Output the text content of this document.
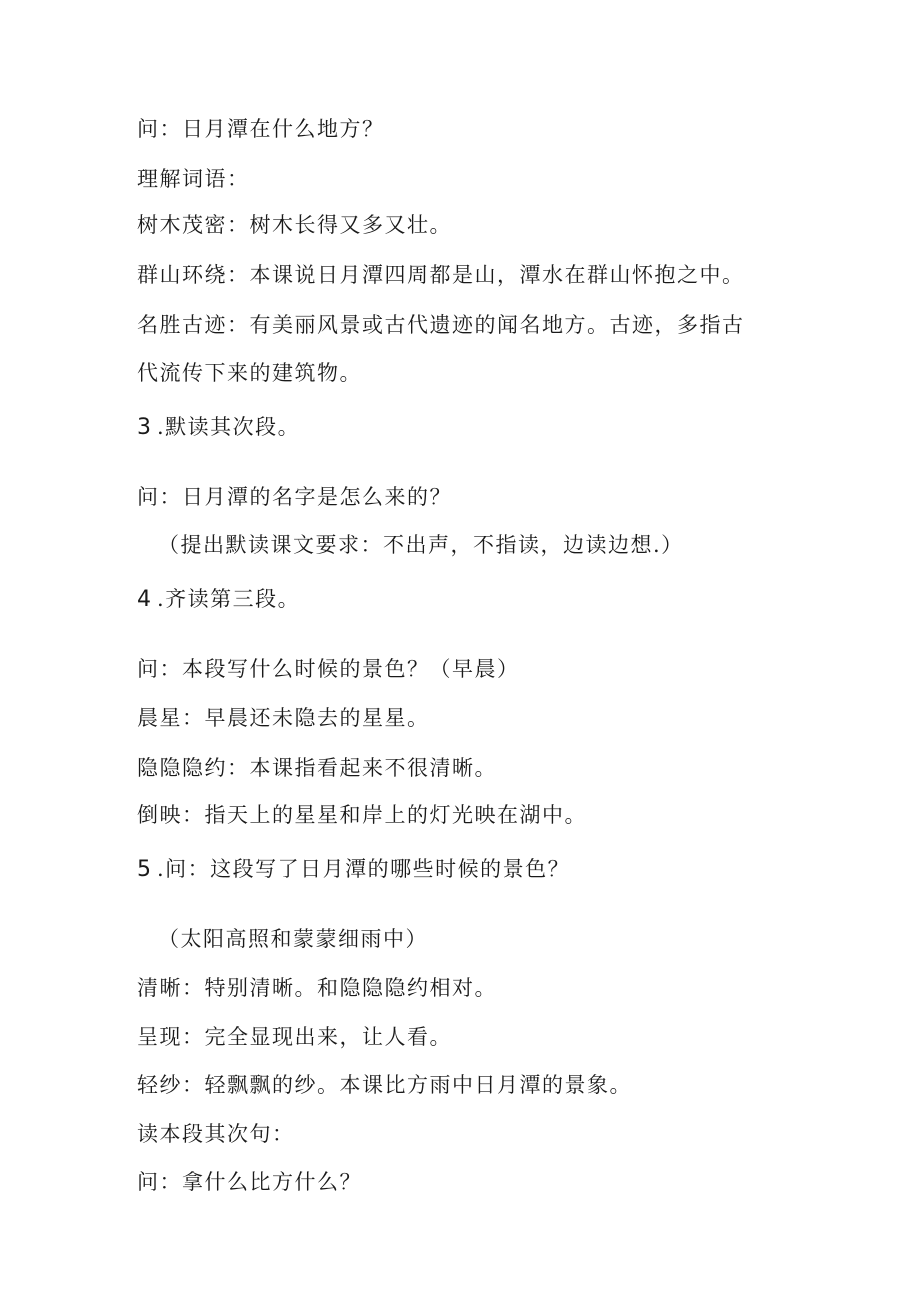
问：日月潭在什么地方？
理解词语：
树木茂密：树木长得又多又壮。
群山环绕：本课说日月潭四周都是山，潭水在群山怀抱之中。
名胜古迹：有美丽风景或古代遗迹的闻名地方。古迹，多指古
代流传下来的建筑物。
3 .默读其次段。
问：日月潭的名字是怎么来的？
（提出默读课文要求：不出声，不指读，边读边想.）
4 .齐读第三段。
问：本段写什么时候的景色？（早晨）
晨星：早晨还未隐去的星星。
隐隐隐约：本课指看起来不很清晰。
倒映：指天上的星星和岸上的灯光映在湖中。
5 .问：这段写了日月潭的哪些时候的景色？
（太阳高照和蒙蒙细雨中）
清晰：特别清晰。和隐隐隐约相对。
呈现：完全显现出来，让人看。
轻纱：轻飘飘的纱。本课比方雨中日月潭的景象。
读本段其次句：
问：拿什么比方什么？
